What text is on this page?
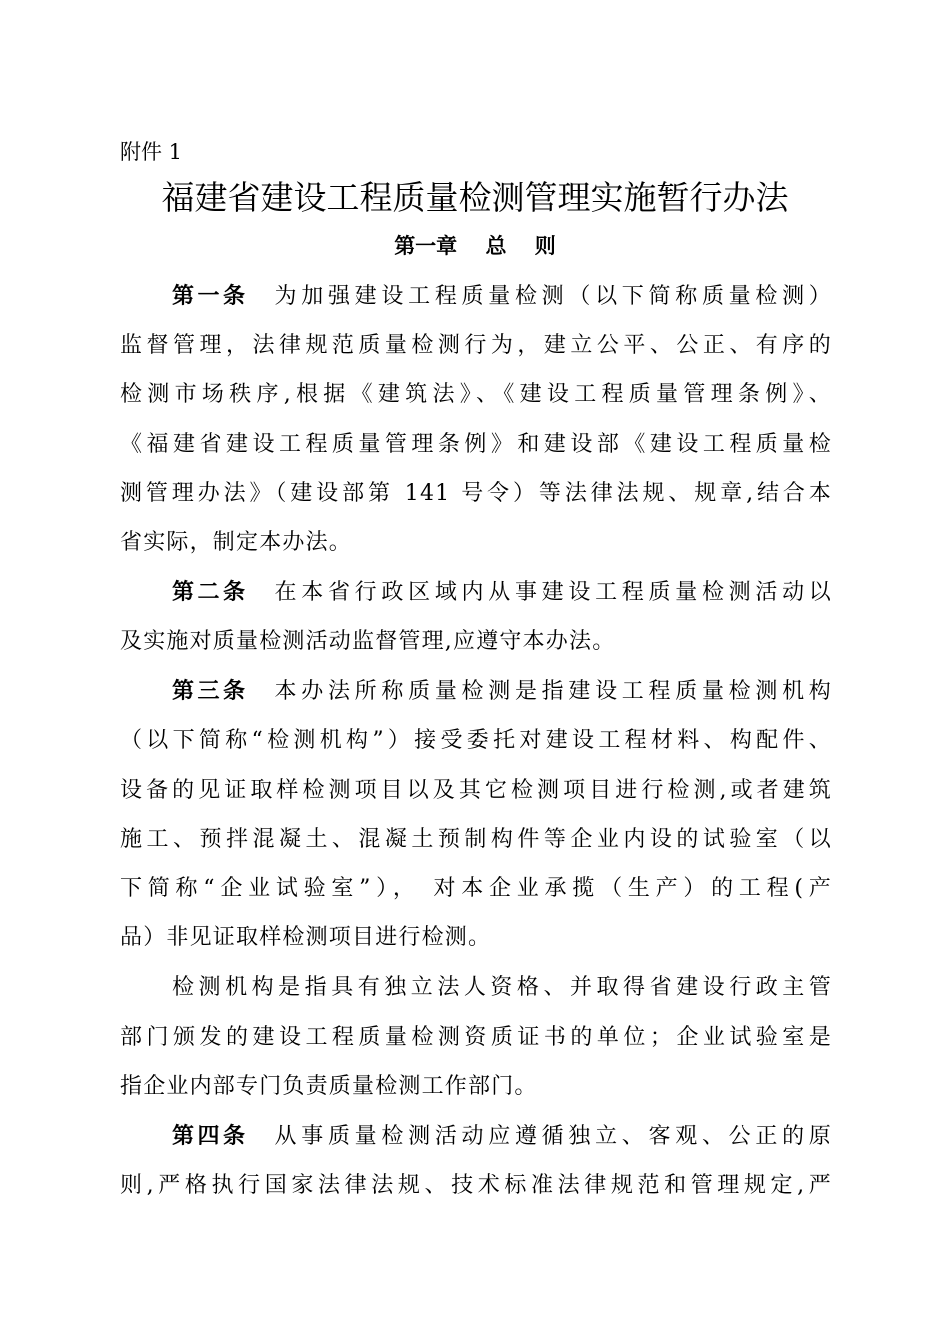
附件 1
福建省建设工程质量检测管理实施暂行办法
第一章　 总　 则
第一条 为加强建设工程质量检测（以下简称质量检测）
监督管理，法律规范质量检测行为，建立公平、公正、有序的
检测市场秩序,根据《建筑法》、《建设工程质量管理条例》、
《福建省建设工程质量管理条例》和建设部《建设工程质量检
测管理办法》（建设部第 141 号令）等法律法规、规章,结合本
省实际，制定本办法。
第二条 在本省行政区域内从事建设工程质量检测活动以
及实施对质量检测活动监督管理,应遵守本办法。
第三条 本办法所称质量检测是指建设工程质量检测机构
（以下简称“检测机构”）接受委托对建设工程材料、构配件、
设备的见证取样检测项目以及其它检测项目进行检测,或者建筑
施工、预拌混凝土、混凝土预制构件等企业内设的试验室（以
下简称“企业试验室”）， 对本企业承揽（生产）的工程(产
品）非见证取样检测项目进行检测。
检测机构是指具有独立法人资格、并取得省建设行政主管
部门颁发的建设工程质量检测资质证书的单位；企业试验室是
指企业内部专门负责质量检测工作部门。
第四条 从事质量检测活动应遵循独立、客观、公正的原
则,严格执行国家法律法规、技术标准法律规范和管理规定,严
